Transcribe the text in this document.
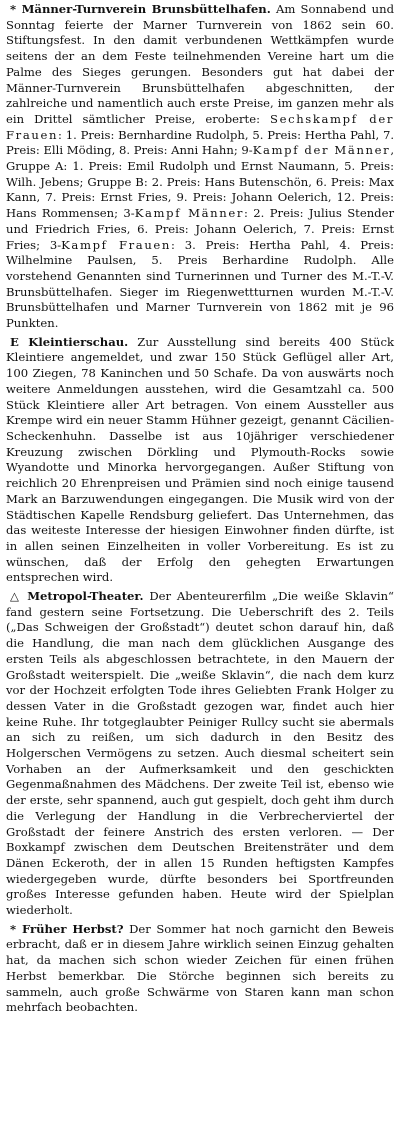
* Männer-Turnverein Brunsbüttelhafen. Am Sonnabend und Sonntag feierte der Marner Turnverein von 1862 sein 60. Stiftungsfest. In den damit verbundenen Wettkämpfen wurde seitens der an dem Feste teilnehmenden Vereine hart um die Palme des Sieges gerungen. Besonders gut hat dabei der Männer-Turnverein Brunsbüttelhafen abgeschnitten, der zahlreiche und namentlich auch erste Preise, im ganzen mehr als ein Drittel sämtlicher Preise, eroberte: Sechskampf der Frauen: 1. Preis: Bernhardine Rudolph, 5. Preis: Hertha Pahl, 7. Preis: Elli Möding, 8. Preis: Anni Hahn; 9-Kampf der Männer, Gruppe A: 1. Preis: Emil Rudolph und Ernst Naumann, 5. Preis: Wilh. Jebens; Gruppe B: 2. Preis: Hans Butenschön, 6. Preis: Max Kann, 7. Preis: Ernst Fries, 9. Preis: Johann Oelerich, 12. Preis: Hans Rommensen; 3-Kampf Männer: 2. Preis: Julius Stender und Friedrich Fries, 6. Preis: Johann Oelerich, 7. Preis: Ernst Fries; 3-Kampf Frauen: 3. Preis: Hertha Pahl, 4. Preis: Wilhelmine Paulsen, 5. Preis Berhardine Rudolph. Alle vorstehend Genannten sind Turnerinnen und Turner des M.-T.-V. Brunsbüttelhafen. Sieger im Riegenwettturnen wurden M.-T.-V. Brunsbüttelhafen und Marner Turnverein von 1862 mit je 96 Punkten.

E Kleintierschau. Zur Ausstellung sind bereits 400 Stück Kleintiere angemeldet, und zwar 150 Stück Geflügel aller Art, 100 Ziegen, 78 Kaninchen und 50 Schafe. Da von auswärts noch weitere Anmeldungen ausstehen, wird die Gesamtzahl ca. 500 Stück Kleintiere aller Art betragen. Von einem Aussteller aus Krempe wird ein neuer Stamm Hühner gezeigt, genannt Cäcilien-Scheckenhuhn. Dasselbe ist aus 10jähriger verschiedener Kreuzung zwischen Dörkling und Plymouth-Rocks sowie Wyandotte und Minorka hervorgegangen. Außer Stiftung von reichlich 20 Ehrenpreisen und Prämien sind noch einige tausend Mark an Barzuwendungen eingegangen. Die Musik wird von der Städtischen Kapelle Rendsburg geliefert. Das Unternehmen, das das weiteste Interesse der hiesigen Einwohner finden dürfte, ist in allen seinen Einzelheiten in voller Vorbereitung. Es ist zu wünschen, daß der Erfolg den gehegten Erwartungen entsprechen wird.

△ Metropol-Theater. Der Abenteurerfilm „Die weiße Sklavin“ fand gestern seine Fortsetzung. Die Ueberschrift des 2. Teils („Das Schweigen der Großstadt“) deutet schon darauf hin, daß die Handlung, die man nach dem glücklichen Ausgange des ersten Teils als abgeschlossen betrachtete, in den Mauern der Großstadt weiterspielt. Die „weiße Sklavin“, die nach dem kurz vor der Hochzeit erfolgten Tode ihres Geliebten Frank Holger zu dessen Vater in die Großstadt gezogen war, findet auch hier keine Ruhe. Ihr totgeglaubter Peiniger Rullcy sucht sie abermals an sich zu reißen, um sich dadurch in den Besitz des Holgerschen Vermögens zu setzen. Auch diesmal scheitert sein Vorhaben an der Aufmerksamkeit und den geschickten Gegenmaßnahmen des Mädchens. Der zweite Teil ist, ebenso wie der erste, sehr spannend, auch gut gespielt, doch geht ihm durch die Verlegung der Handlung in die Verbrecherviertel der Großstadt der feinere Anstrich des ersten verloren. — Der Boxkampf zwischen dem Deutschen Breitensträter und dem Dänen Eckeroth, der in allen 15 Runden heftigsten Kampfes wiedergegeben wurde, dürfte besonders bei Sportfreunden großes Interesse gefunden haben. Heute wird der Spielplan wiederholt.

* Früher Herbst? Der Sommer hat noch garnicht den Beweis erbracht, daß er in diesem Jahre wirklich seinen Einzug gehalten hat, da machen sich schon wieder Zeichen für einen frühen Herbst bemerkbar. Die Störche beginnen sich bereits zu sammeln, auch große Schwärme von Staren kann man schon mehrfach beobachten.
